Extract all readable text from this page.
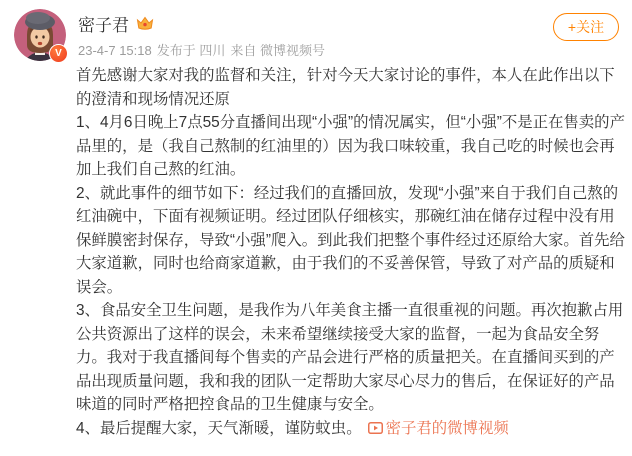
V
密子君
23-4-7 15:18 发布于 四川 来自 微博视频号
+关注

首先感谢大家对我的监督和关注，针对今天大家讨论的事件，本人在此作出以下的澄清和现场情况还原

1、4月6日晚上7点55分直播间出现“小强”的情况属实，但“小强”不是正在售卖的产品里的，是（我自己熬制的红油里的）因为我口味较重，我自己吃的时候也会再加上我们自己熬的红油。

2、就此事件的细节如下：经过我们的直播回放，发现“小强”来自于我们自己熬的红油碗中，下面有视频证明。经过团队仔细核实，那碗红油在储存过程中没有用保鲜膜密封保存，导致“小强”爬入。到此我们把整个事件经过还原给大家。首先给大家道歉，同时也给商家道歉，由于我们的不妥善保管，导致了对产品的质疑和误会。

3、食品安全卫生问题，是我作为八年美食主播一直很重视的问题。再次抱歉占用公共资源出了这样的误会，未来希望继续接受大家的监督，一起为食品安全努力。我对于我直播间每个售卖的产品会进行严格的质量把关。在直播间买到的产品出现质量问题，我和我的团队一定帮助大家尽心尽力的售后，在保证好的产品味道的同时严格把控食品的卫生健康与安全。

4、最后提醒大家，天气渐暖，谨防蚊虫。 密子君的微博视频
